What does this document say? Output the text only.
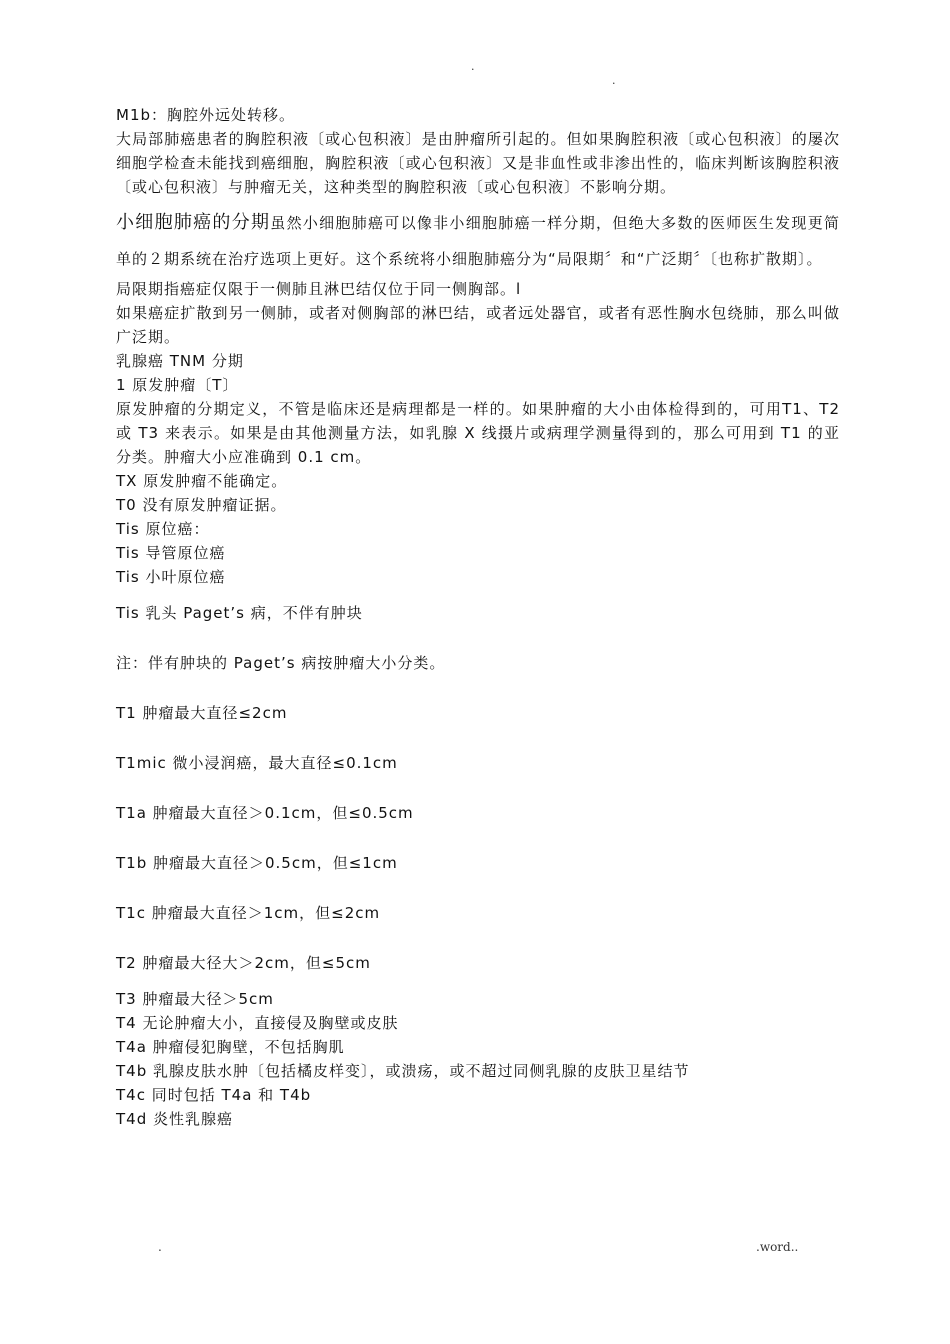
.
.
M1b：胸腔外远处转移。
大局部肺癌患者的胸腔积液〔或心包积液〕是由肿瘤所引起的。但如果胸腔积液〔或心包积液〕的屡次细胞学检查未能找到癌细胞，胸腔积液〔或心包积液〕又是非血性或非渗出性的，临床判断该胸腔积液〔或心包积液〕与肿瘤无关，这种类型的胸腔积液〔或心包积液〕不影响分期。
小细胞肺癌的分期虽然小细胞肺癌可以像非小细胞肺癌一样分期，但绝大多数的医师医生发现更简单的２期系统在治疗选项上更好。这个系统将小细胞肺癌分为“局限期〞和“广泛期〞〔也称扩散期〕。
局限期指癌症仅限于一侧肺且淋巴结仅位于同一侧胸部。l
如果癌症扩散到另一侧肺，或者对侧胸部的淋巴结，或者远处器官，或者有恶性胸水包绕肺，那么叫做广泛期。
乳腺癌 TNM 分期
1 原发肿瘤〔T〕
原发肿瘤的分期定义，不管是临床还是病理都是一样的。如果肿瘤的大小由体检得到的，可用T1、T2 或 T3 来表示。如果是由其他测量方法，如乳腺 X 线摄片或病理学测量得到的，那么可用到 T1 的亚分类。肿瘤大小应准确到 0.1 cm。
TX 原发肿瘤不能确定。
T0 没有原发肿瘤证据。
Tis 原位癌：
Tis 导管原位癌
Tis 小叶原位癌
Tis 乳头 Paget’s 病，不伴有肿块
注：伴有肿块的 Paget’s 病按肿瘤大小分类。
T1 肿瘤最大直径≤2cm
T1mic 微小浸润癌，最大直径≤0.1cm
T1a 肿瘤最大直径＞0.1cm，但≤0.5cm
T1b 肿瘤最大直径＞0.5cm，但≤1cm
T1c 肿瘤最大直径＞1cm，但≤2cm
T2 肿瘤最大径大＞2cm，但≤5cm
T3 肿瘤最大径＞5cm
T4 无论肿瘤大小，直接侵及胸壁或皮肤
T4a 肿瘤侵犯胸壁，不包括胸肌
T4b 乳腺皮肤水肿〔包括橘皮样变〕，或溃疡，或不超过同侧乳腺的皮肤卫星结节
T4c 同时包括 T4a 和 T4b
T4d 炎性乳腺癌
.	.word..
